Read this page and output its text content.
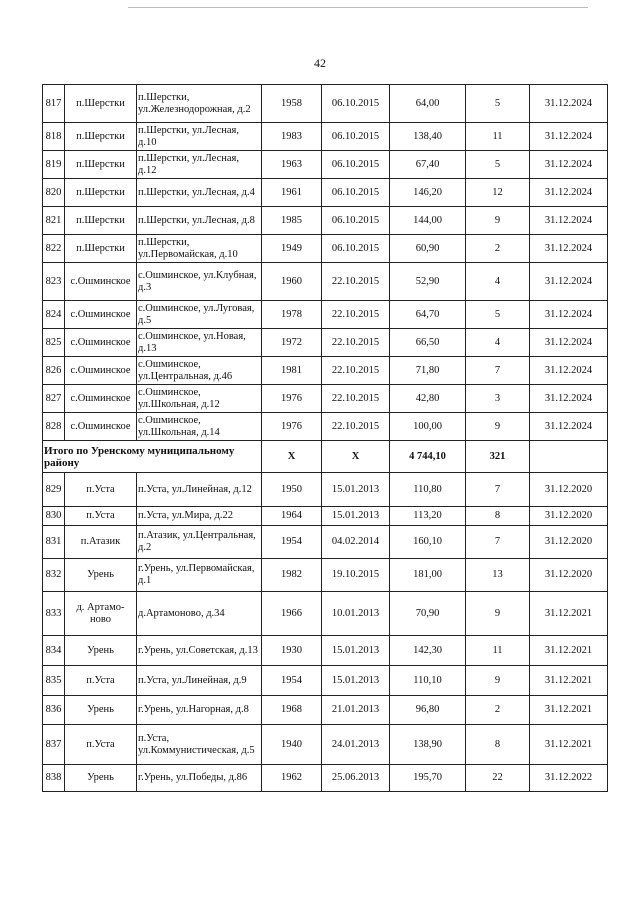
42
817	п.Шерстки	п.Шерстки, ул.Железнодорожная, д.2	1958	06.10.2015	64,00	5	31.12.2024
818	п.Шерстки	п.Шерстки, ул.Лесная, д.10	1983	06.10.2015	138,40	11	31.12.2024
819	п.Шерстки	п.Шерстки, ул.Лесная, д.12	1963	06.10.2015	67,40	5	31.12.2024
820	п.Шерстки	п.Шерстки, ул.Лесная, д.4	1961	06.10.2015	146,20	12	31.12.2024
821	п.Шерстки	п.Шерстки, ул.Лесная, д.8	1985	06.10.2015	144,00	9	31.12.2024
822	п.Шерстки	п.Шерстки, ул.Первомайская, д.10	1949	06.10.2015	60,90	2	31.12.2024
823	с.Ошминское	с.Ошминское, ул.Клубная, д.3	1960	22.10.2015	52,90	4	31.12.2024
824	с.Ошминское	с.Ошминское, ул.Луговая, д.5	1978	22.10.2015	64,70	5	31.12.2024
825	с.Ошминское	с.Ошминское, ул.Новая, д.13	1972	22.10.2015	66,50	4	31.12.2024
826	с.Ошминское	с.Ошминское, ул.Центральная, д.46	1981	22.10.2015	71,80	7	31.12.2024
827	с.Ошминское	с.Ошминское, ул.Школьная, д.12	1976	22.10.2015	42,80	3	31.12.2024
828	с.Ошминское	с.Ошминское, ул.Школьная, д.14	1976	22.10.2015	100,00	9	31.12.2024
Итого по Уренскому муниципальному району			Х	Х	4 744,10	321	
829	п.Уста	п.Уста, ул.Линейная, д.12	1950	15.01.2013	110,80	7	31.12.2020
830	п.Уста	п.Уста, ул.Мира, д.22	1964	15.01.2013	113,20	8	31.12.2020
831	п.Атазик	п.Атазик, ул.Центральная, д.2	1954	04.02.2014	160,10	7	31.12.2020
832	Урень	г.Урень, ул.Первомайская, д.1	1982	19.10.2015	181,00	13	31.12.2020
833	д. Артамо-ново	д.Артамоново, д.34	1966	10.01.2013	70,90	9	31.12.2021
834	Урень	г.Урень, ул.Советская, д.13	1930	15.01.2013	142,30	11	31.12.2021
835	п.Уста	п.Уста, ул.Линейная, д.9	1954	15.01.2013	110,10	9	31.12.2021
836	Урень	г.Урень, ул.Нагорная, д.8	1968	21.01.2013	96,80	2	31.12.2021
837	п.Уста	п.Уста, ул.Коммунистическая, д.5	1940	24.01.2013	138,90	8	31.12.2021
838	Урень	г.Урень, ул.Победы, д.86	1962	25.06.2013	195,70	22	31.12.2022
